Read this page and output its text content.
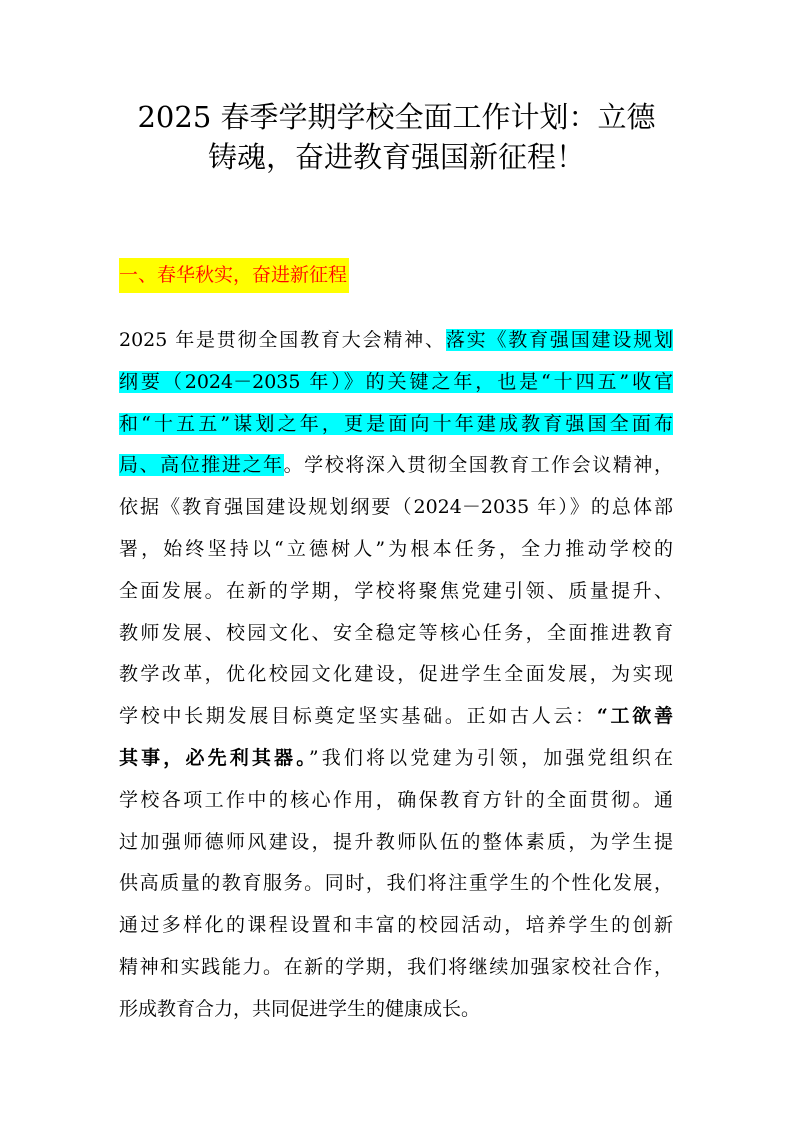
2025 春季学期学校全面工作计划：立德
铸魂，奋进教育强国新征程！
一、春华秋实，奋进新征程
2025 年是贯彻全国教育大会精神、落实《教育强国建设规划
纲要（2024－2035 年）》的关键之年，也是“十四五”收官
和“十五五”谋划之年，更是面向十年建成教育强国全面布
局、高位推进之年。学校将深入贯彻全国教育工作会议精神，
依据《教育强国建设规划纲要（2024－2035 年）》的总体部
署，始终坚持以“立德树人”为根本任务，全力推动学校的
全面发展。在新的学期，学校将聚焦党建引领、质量提升、
教师发展、校园文化、安全稳定等核心任务，全面推进教育
教学改革，优化校园文化建设，促进学生全面发展，为实现
学校中长期发展目标奠定坚实基础。正如古人云：“工欲善
其事，必先利其器。”我们将以党建为引领，加强党组织在
学校各项工作中的核心作用，确保教育方针的全面贯彻。通
过加强师德师风建设，提升教师队伍的整体素质，为学生提
供高质量的教育服务。同时，我们将注重学生的个性化发展，
通过多样化的课程设置和丰富的校园活动，培养学生的创新
精神和实践能力。在新的学期，我们将继续加强家校社合作，
形成教育合力，共同促进学生的健康成长。
